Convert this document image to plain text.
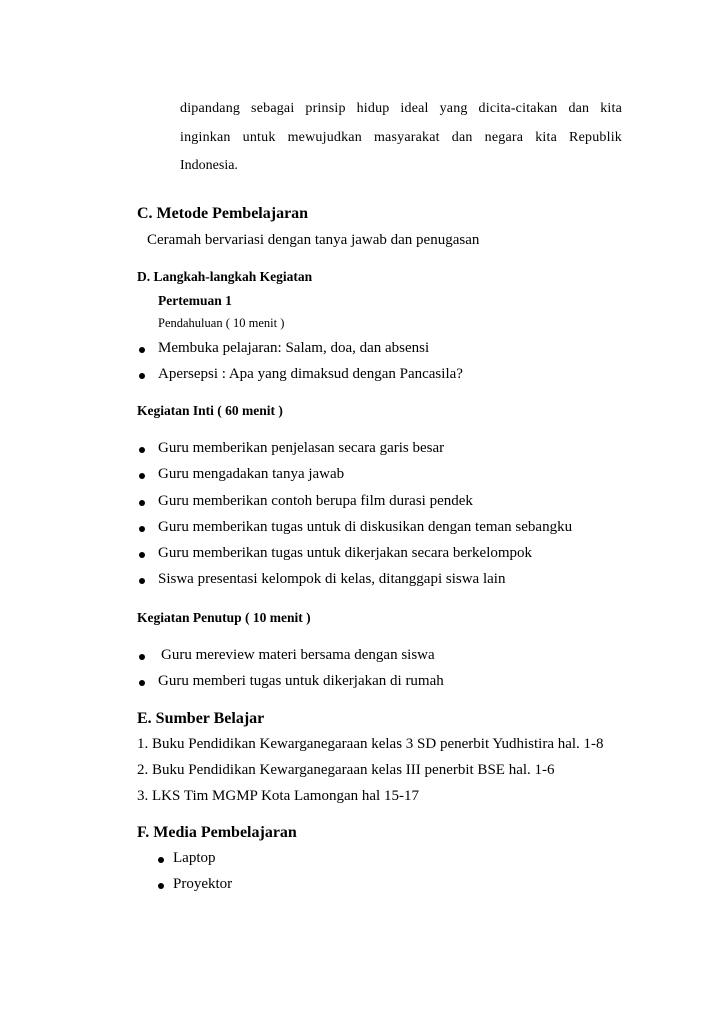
dipandang sebagai prinsip hidup ideal yang dicita-citakan dan kita
inginkan untuk mewujudkan masyarakat dan negara kita Republik
Indonesia.
C. Metode Pembelajaran
Ceramah bervariasi dengan tanya jawab dan penugasan
D. Langkah-langkah Kegiatan
Pertemuan 1
Pendahuluan ( 10 menit )
Membuka pelajaran: Salam, doa, dan absensi
Apersepsi : Apa yang dimaksud dengan Pancasila?
Kegiatan Inti ( 60 menit )
Guru memberikan penjelasan secara garis besar
Guru mengadakan tanya jawab
Guru memberikan contoh berupa film durasi pendek
Guru memberikan tugas untuk di diskusikan dengan teman sebangku
Guru memberikan tugas untuk dikerjakan secara berkelompok
Siswa presentasi kelompok di kelas, ditanggapi siswa lain
Kegiatan Penutup ( 10 menit )
Guru mereview materi bersama dengan siswa
Guru memberi tugas untuk dikerjakan di rumah
E. Sumber Belajar
1. Buku Pendidikan Kewarganegaraan kelas 3 SD penerbit Yudhistira hal. 1-8
2. Buku Pendidikan Kewarganegaraan kelas III penerbit BSE hal. 1-6
3. LKS Tim MGMP Kota Lamongan hal 15-17
F. Media Pembelajaran
Laptop
Proyektor
